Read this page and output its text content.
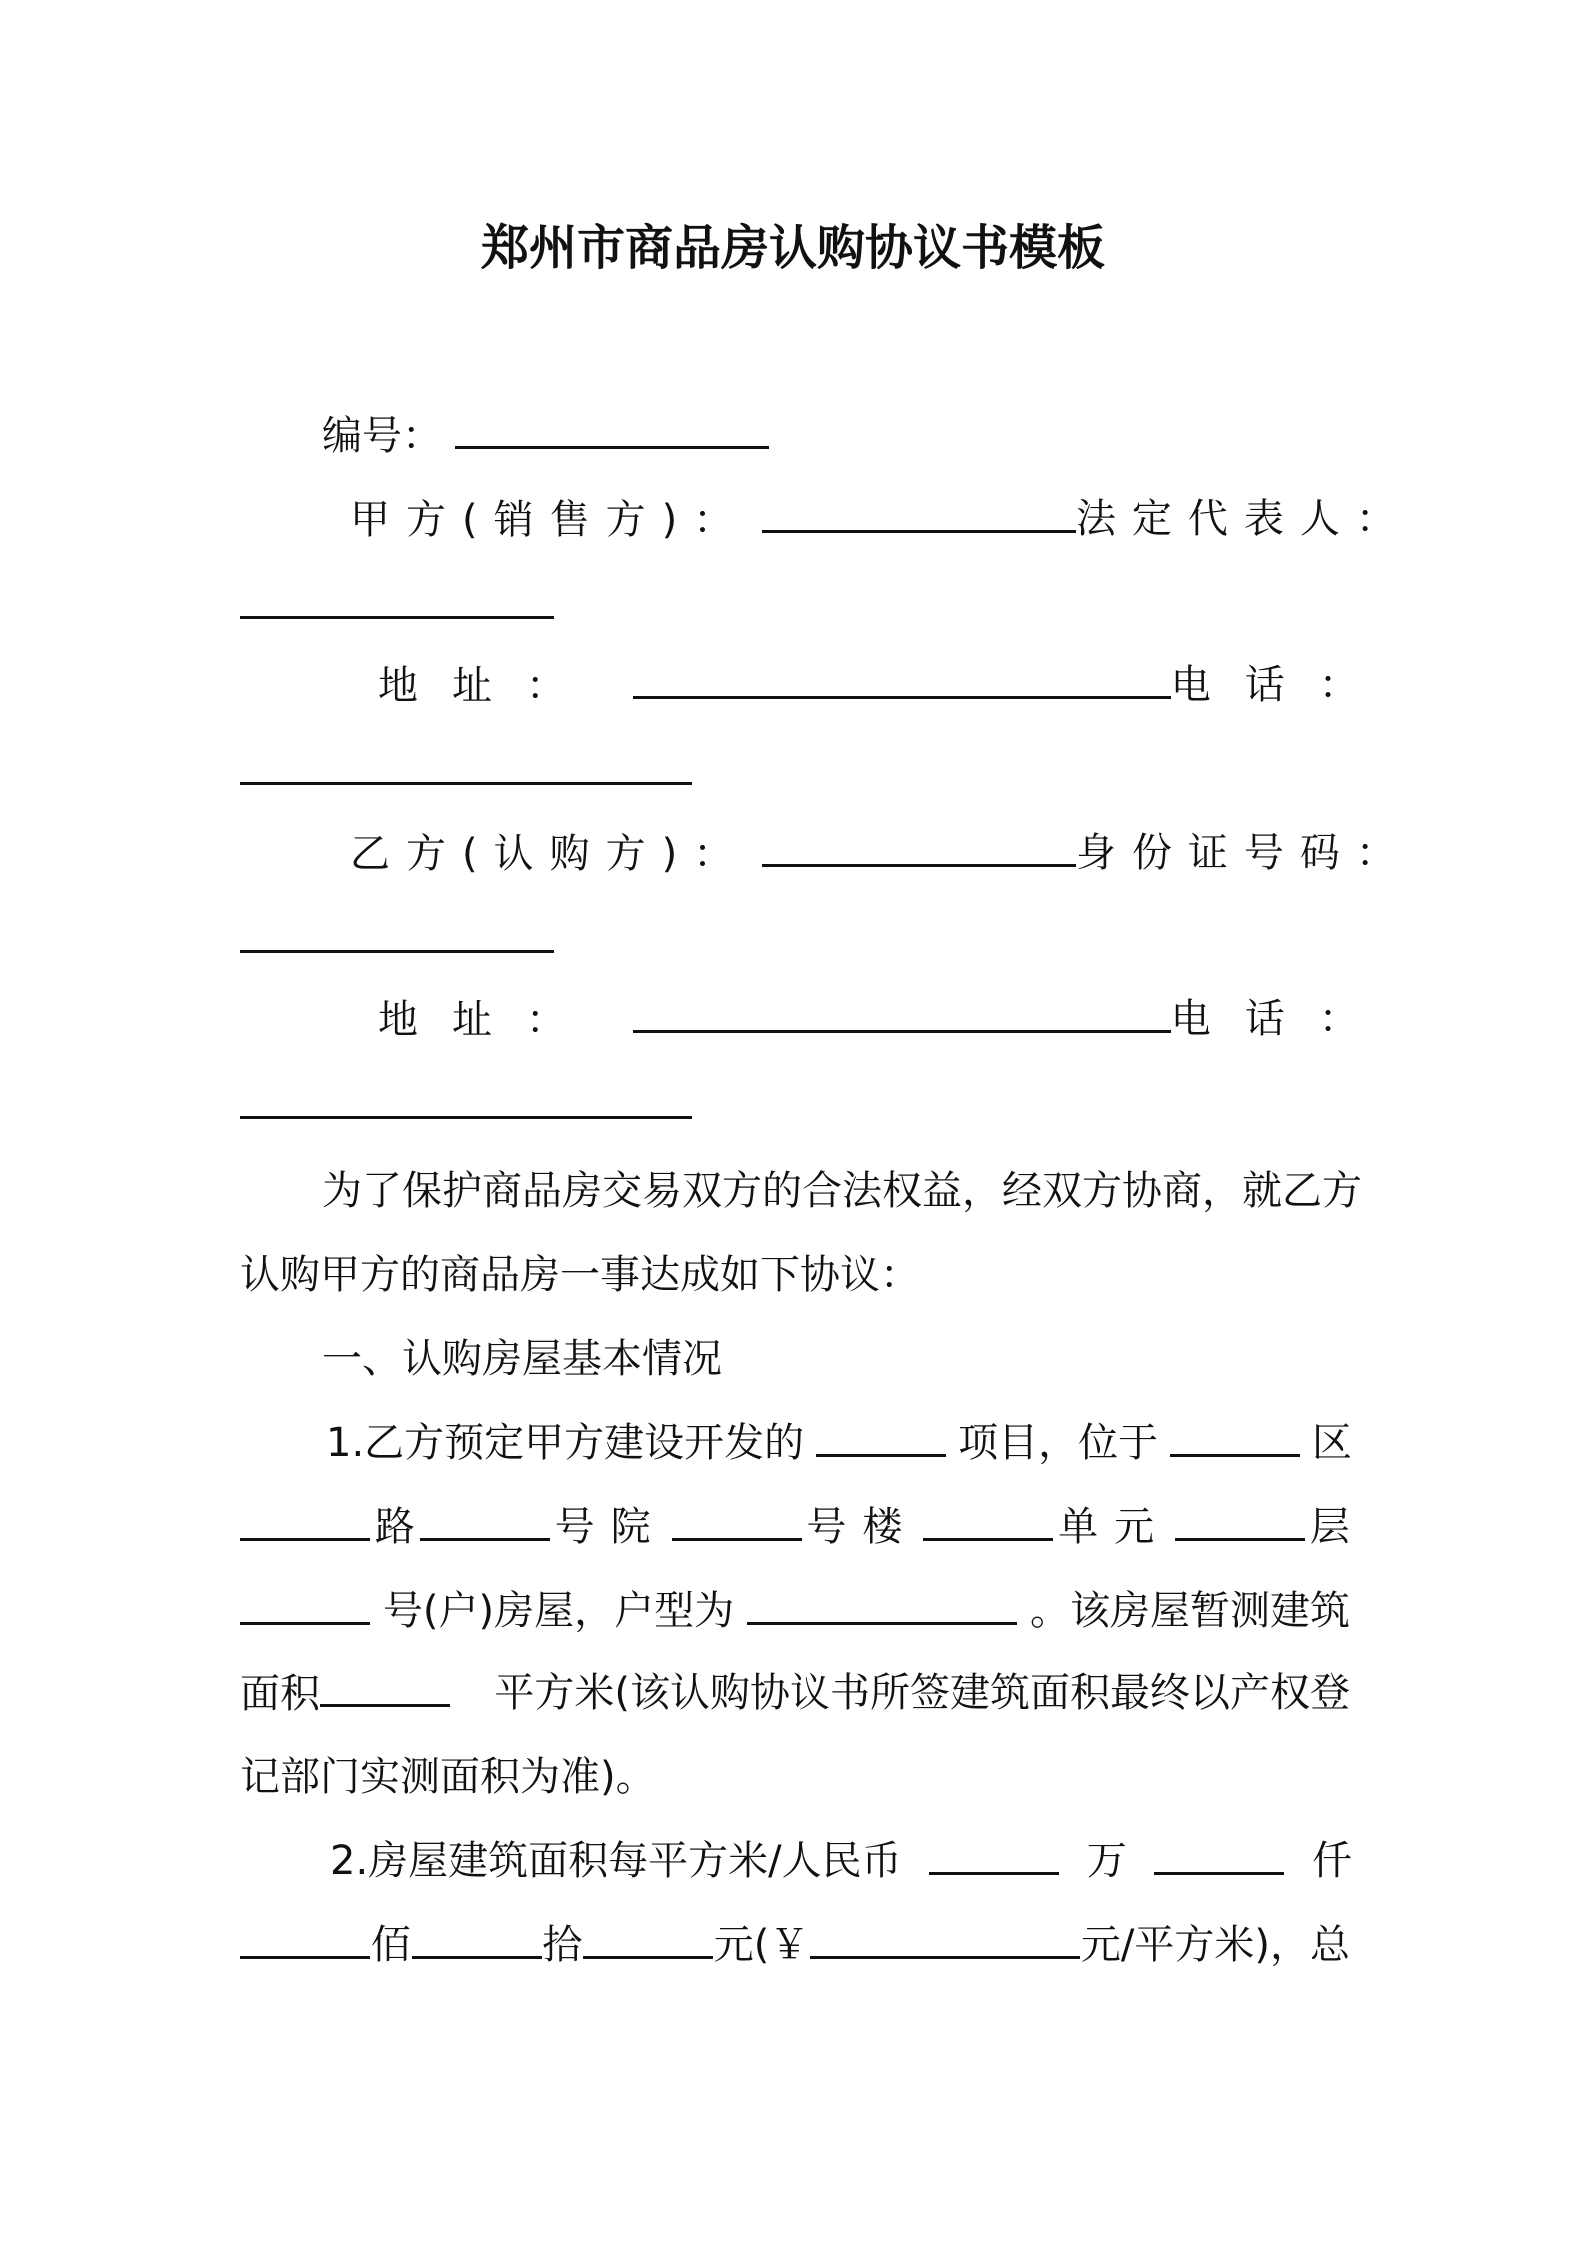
郑州市商品房认购协议书模板
编号：
甲方(销售方)：	法定代表人：
地址：	电话：
乙方(认购方)：	身份证号码：
地址：	电话：
为了保护商品房交易双方的合法权益，经双方协商，就乙方
认购甲方的商品房一事达成如下协议：
一、认购房屋基本情况
1.乙方预定甲方建设开发的	项目，位于	区
路	号院	号楼	单元	层
号(户)房屋，户型为	。该房屋暂测建筑
面积	平方米(该认购协议书所签建筑面积最终以产权登
记部门实测面积为准)。
2.房屋建筑面积每平方米/人民币	万	仟
佰	拾	元(￥	元/平方米)，总
